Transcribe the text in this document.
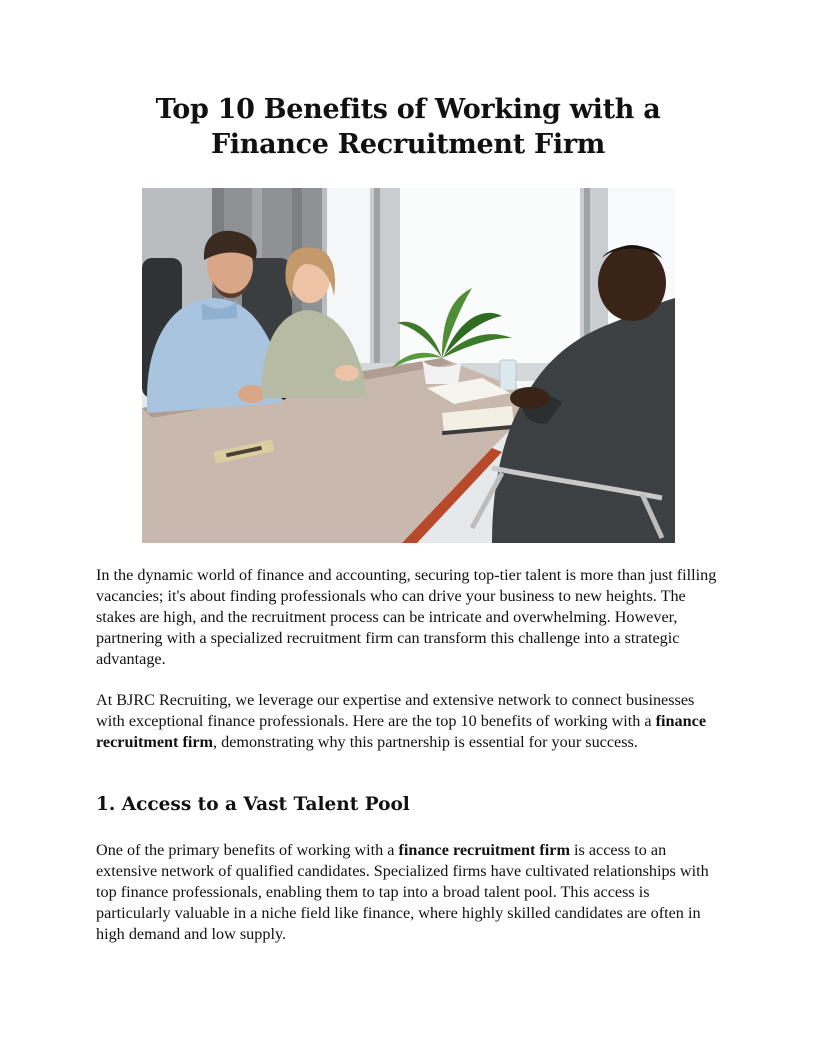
Top 10 Benefits of Working with a Finance Recruitment Firm

In the dynamic world of finance and accounting, securing top-tier talent is more than just filling vacancies; it's about finding professionals who can drive your business to new heights. The stakes are high, and the recruitment process can be intricate and overwhelming. However, partnering with a specialized recruitment firm can transform this challenge into a strategic advantage.

At BJRC Recruiting, we leverage our expertise and extensive network to connect businesses with exceptional finance professionals. Here are the top 10 benefits of working with a finance recruitment firm, demonstrating why this partnership is essential for your success.

1. Access to a Vast Talent Pool

One of the primary benefits of working with a finance recruitment firm is access to an extensive network of qualified candidates. Specialized firms have cultivated relationships with top finance professionals, enabling them to tap into a broad talent pool. This access is particularly valuable in a niche field like finance, where highly skilled candidates are often in high demand and low supply.
